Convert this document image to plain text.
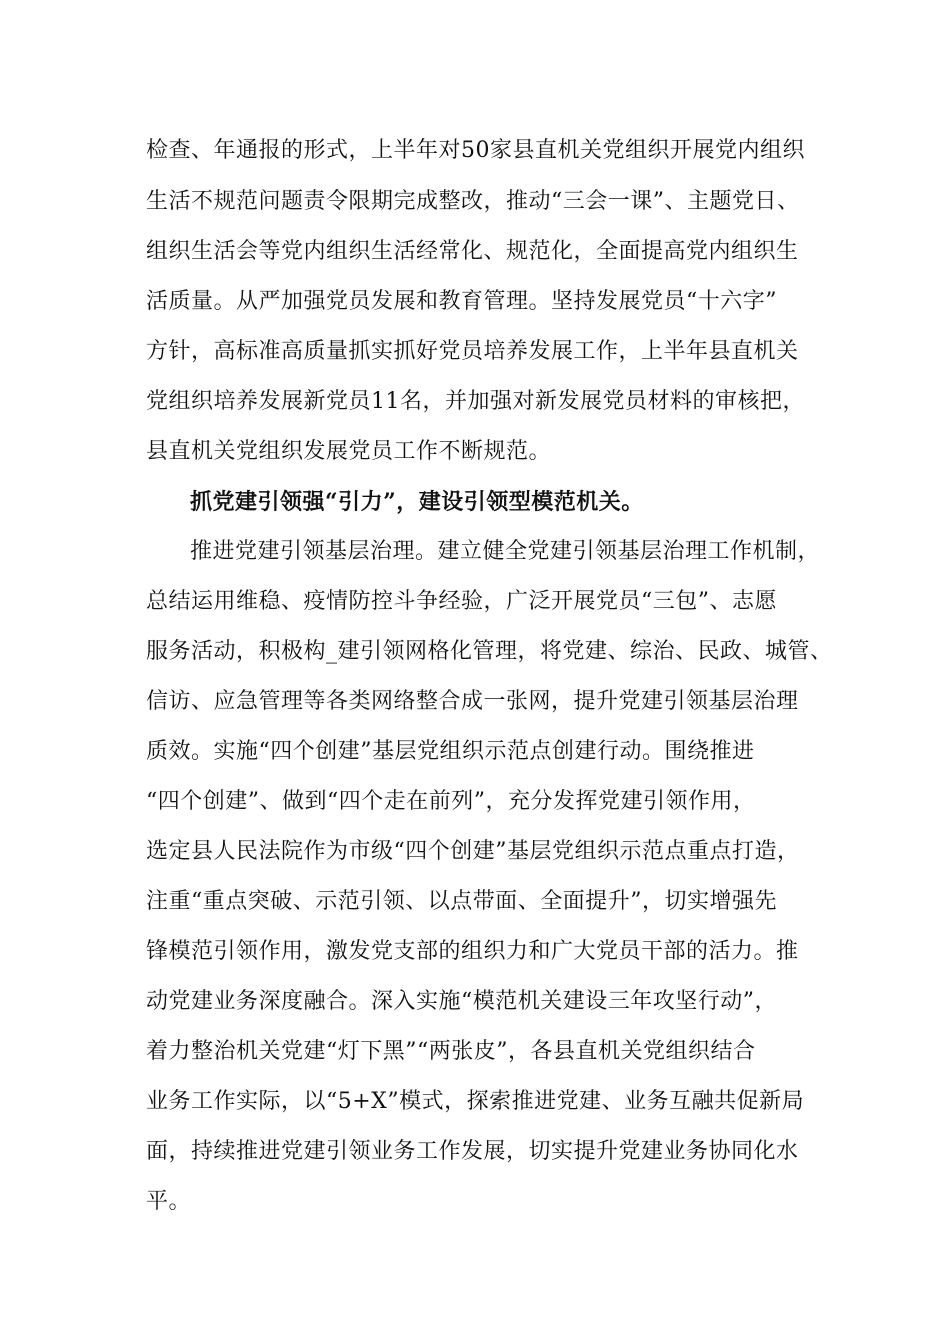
检查、年通报的形式，上半年对50家县直机关党组织开展党内组织
生活不规范问题责令限期完成整改，推动“三会一课”、主题党日、
组织生活会等党内组织生活经常化、规范化，全面提高党内组织生
活质量。从严加强党员发展和教育管理。坚持发展党员“十六字”
方针，高标准高质量抓实抓好党员培养发展工作，上半年县直机关
党组织培养发展新党员11名，并加强对新发展党员材料的审核把，
县直机关党组织发展党员工作不断规范。
抓党建引领强“引力”，建设引领型模范机关。
推进党建引领基层治理。建立健全党建引领基层治理工作机制，
总结运用维稳、疫情防控斗争经验，广泛开展党员“三包”、志愿
服务活动，积极构_建引领网格化管理，将党建、综治、民政、城管、
信访、应急管理等各类网络整合成一张网，提升党建引领基层治理
质效。实施“四个创建”基层党组织示范点创建行动。围绕推进
“四个创建”、做到“四个走在前列”，充分发挥党建引领作用，
选定县人民法院作为市级“四个创建”基层党组织示范点重点打造，
注重“重点突破、示范引领、以点带面、全面提升”，切实增强先
锋模范引领作用，激发党支部的组织力和广大党员干部的活力。推
动党建业务深度融合。深入实施“模范机关建设三年攻坚行动”，
着力整治机关党建“灯下黑”“两张皮”，各县直机关党组织结合
业务工作实际，以“5+X”模式，探索推进党建、业务互融共促新局
面，持续推进党建引领业务工作发展，切实提升党建业务协同化水
平。
